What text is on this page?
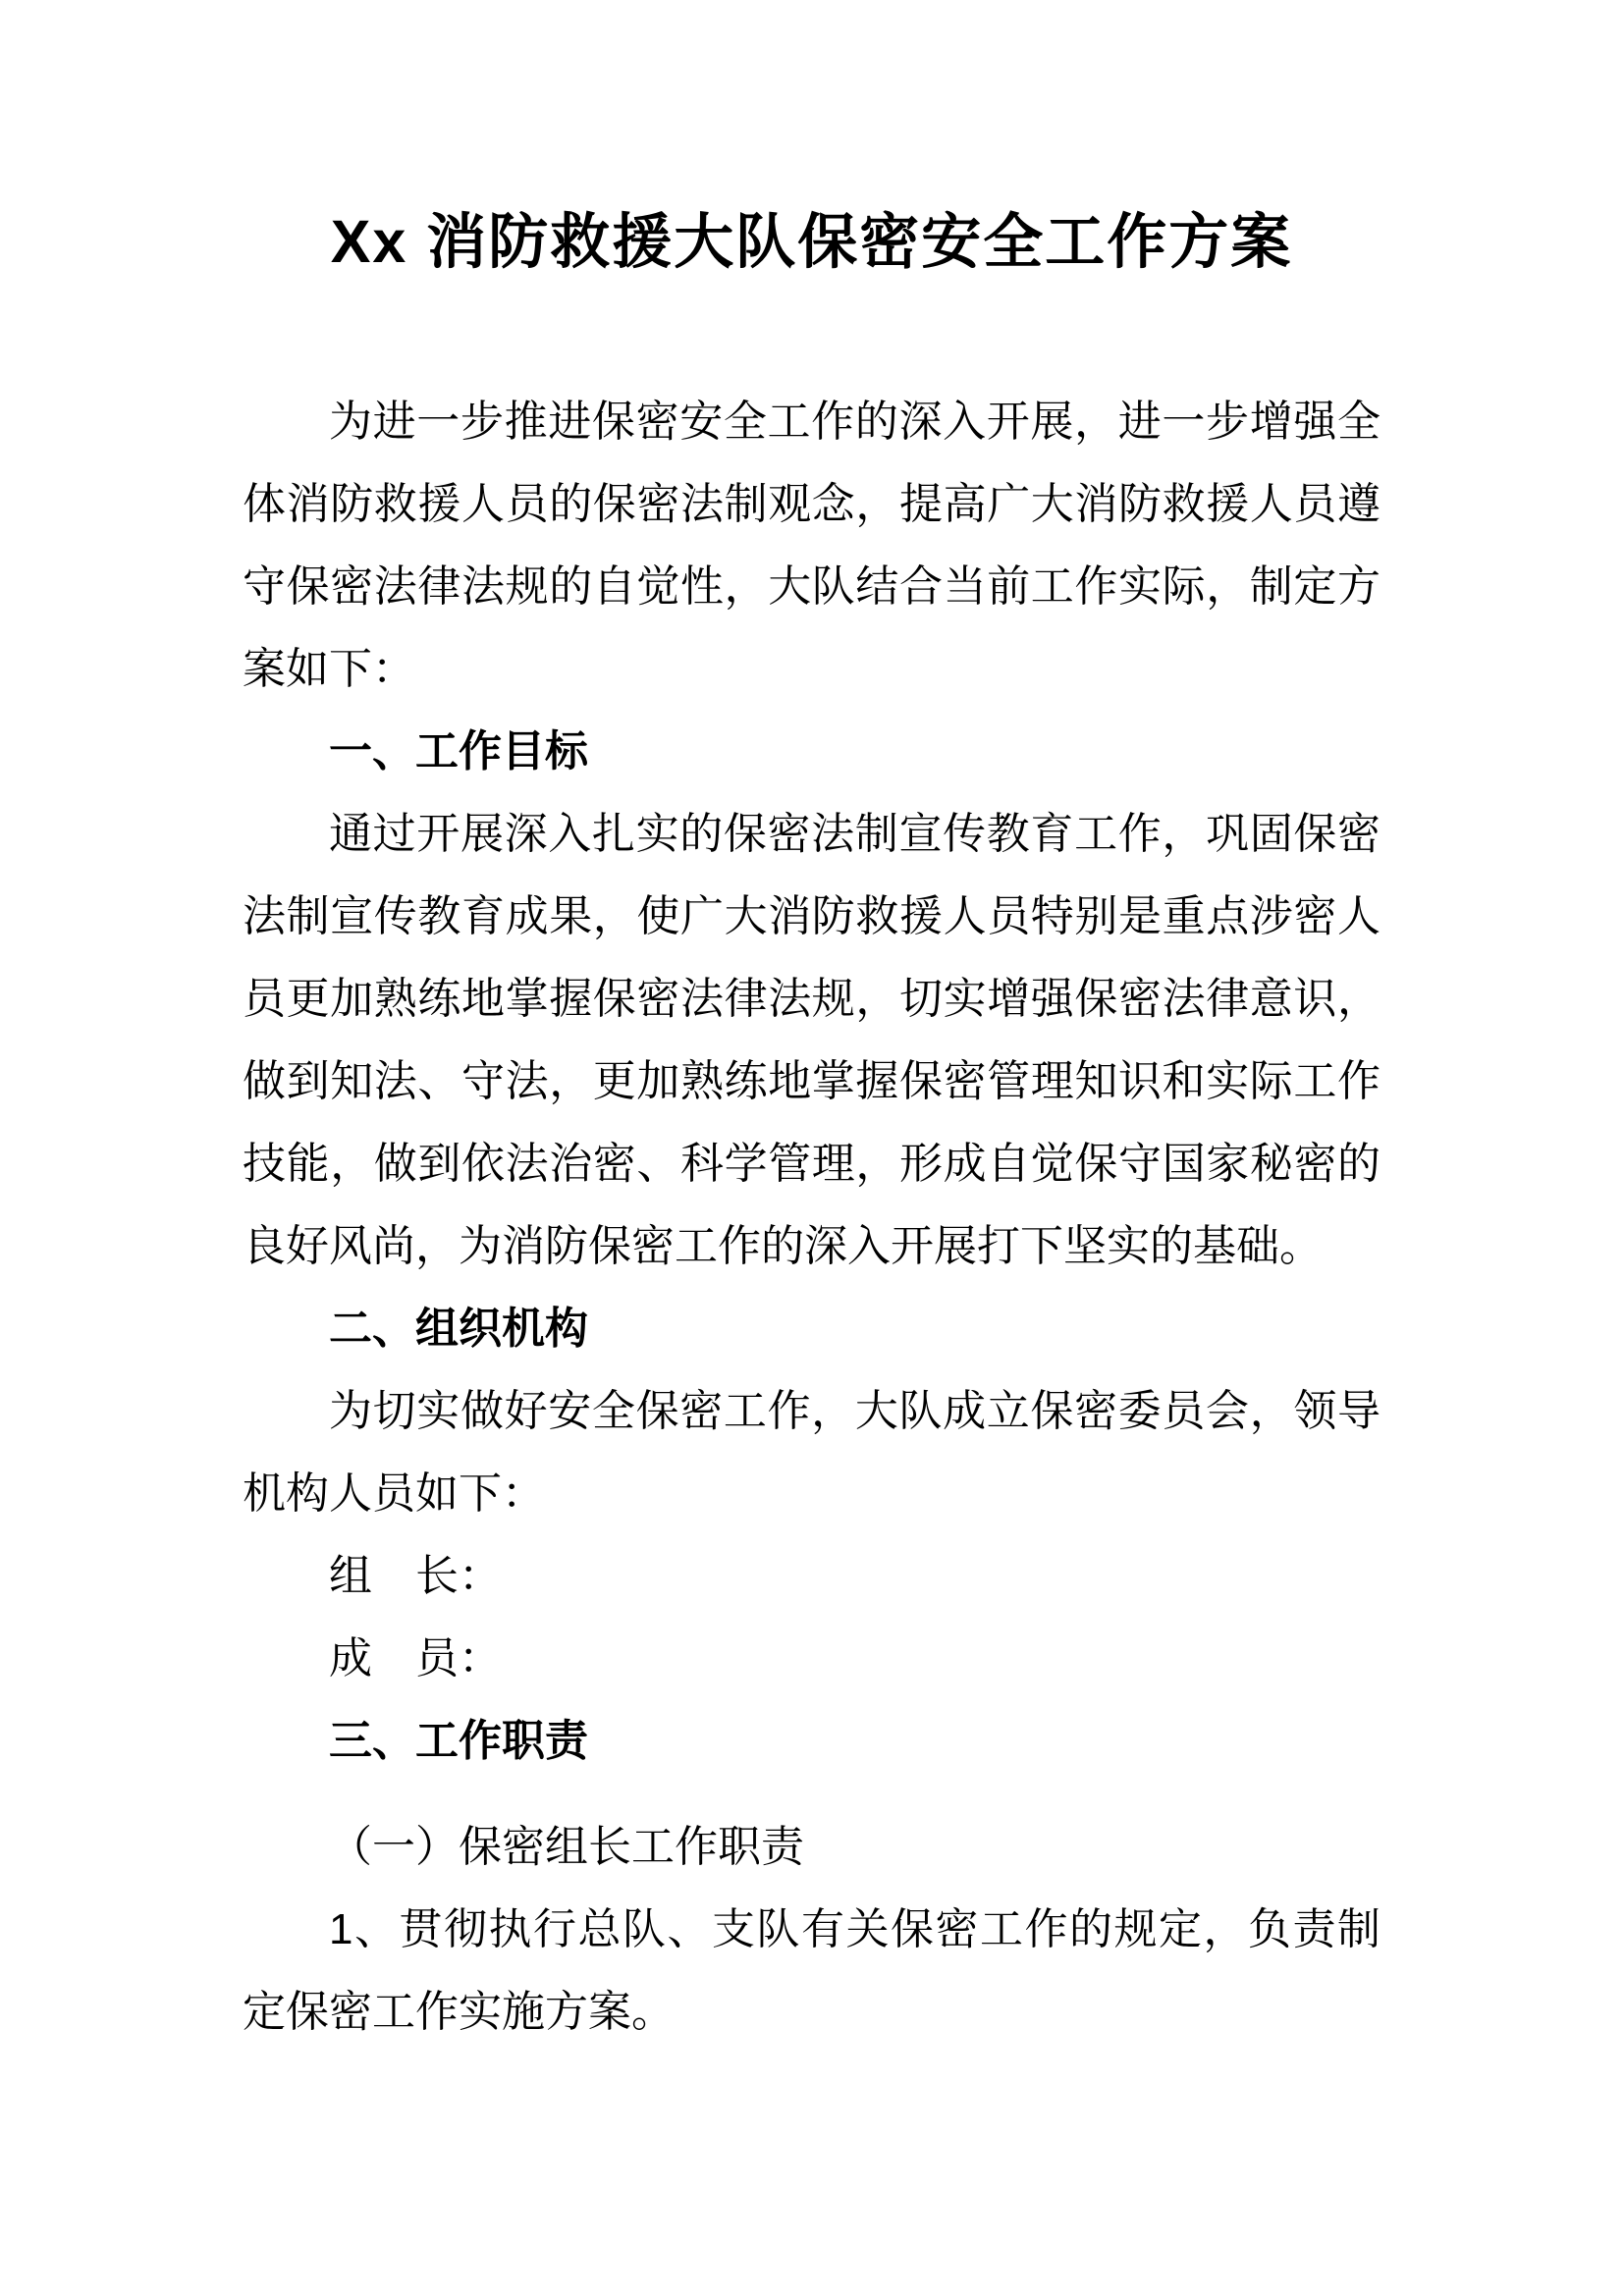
Xx 消防救援大队保密安全工作方案

为进一步推进保密安全工作的深入开展，进一步增强全体消防救援人员的保密法制观念，提高广大消防救援人员遵守保密法律法规的自觉性，大队结合当前工作实际，制定方案如下：

一、工作目标

通过开展深入扎实的保密法制宣传教育工作，巩固保密法制宣传教育成果，使广大消防救援人员特别是重点涉密人员更加熟练地掌握保密法律法规，切实增强保密法律意识，做到知法、守法，更加熟练地掌握保密管理知识和实际工作技能，做到依法治密、科学管理，形成自觉保守国家秘密的良好风尚，为消防保密工作的深入开展打下坚实的基础。

二、组织机构

为切实做好安全保密工作，大队成立保密委员会，领导机构人员如下：

组　长：

成　员：

三、工作职责

（一）保密组长工作职责

1、贯彻执行总队、支队有关保密工作的规定，负责制定保密工作实施方案。
